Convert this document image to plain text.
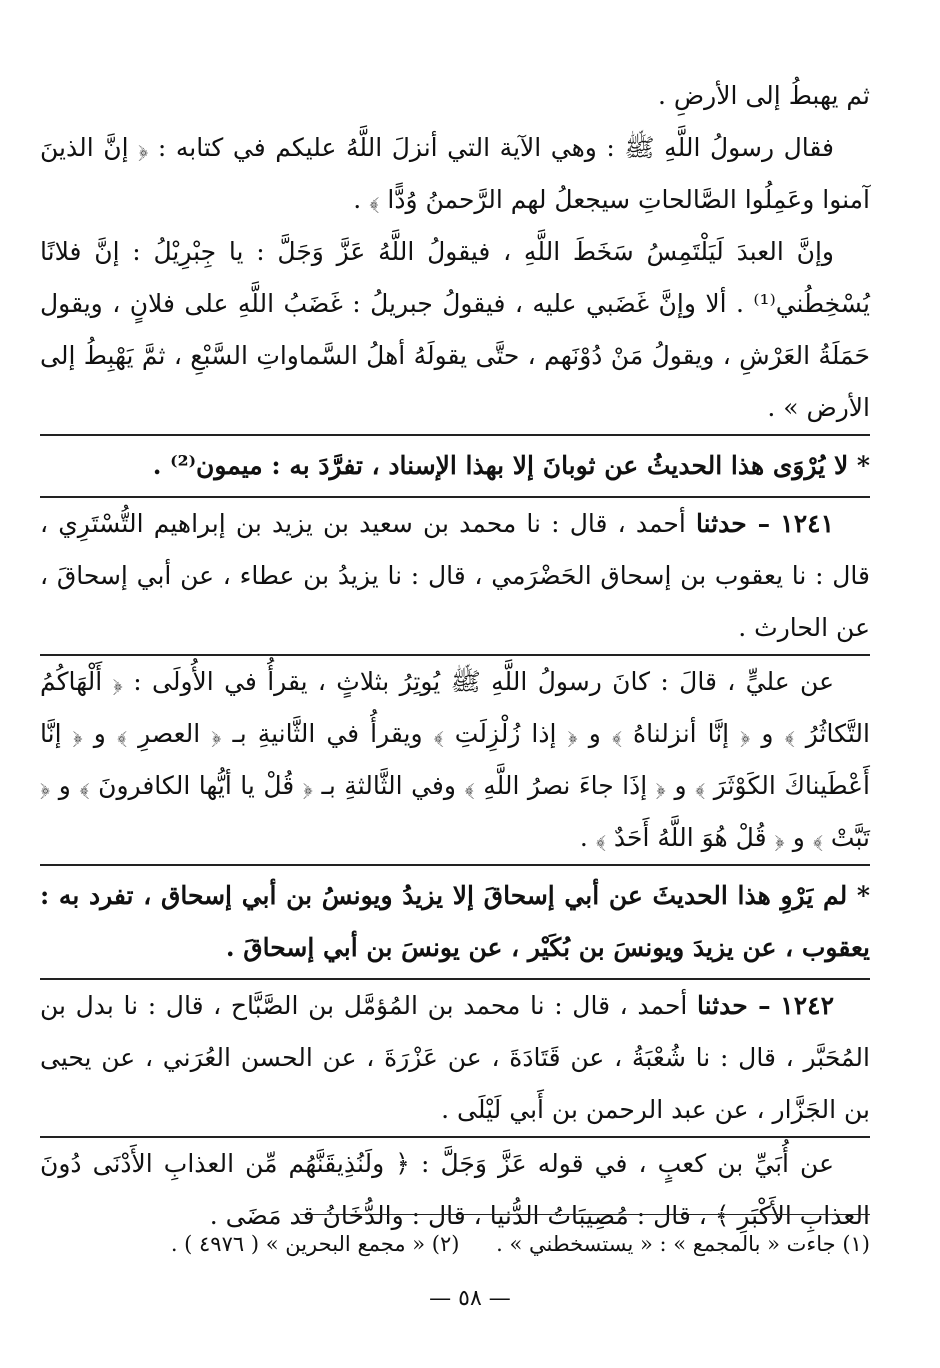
ثم يهبطُ إلى الأرضِ .

فقال رسولُ اللَّهِ ﷺ : وهي الآية التي أنزلَ اللَّهُ عليكم في كتابه : ﴿ إنَّ الذينَ آمنوا وعَمِلُوا الصَّالحاتِ سيجعلُ لهم الرَّحمنُ وُدًّا ﴾ .

وإنَّ العبدَ لَيَلْتَمِسُ سَخَطَ اللَّهِ ، فيقولُ اللَّهُ عَزَّ وَجَلَّ : يا جِبْرِيْلُ : إنَّ فلانًا يُسْخِطُني⁽¹⁾ . ألا وإنَّ غَضَبي عليه ، فيقولُ جبريلُ : غَضَبُ اللَّهِ على فلانٍ ، ويقول حَمَلَةُ العَرْشِ ، ويقولُ مَنْ دُوْنَهم ، حتَّى يقولَهُ أهلُ السَّماواتِ السَّبْعِ ، ثمَّ يَهْبِطُ إلى الأرض » .

* لا يُرْوَى هذا الحديثُ عن ثوبانَ إلا بهذا الإسناد ، تفرَّدَ به : ميمون⁽²⁾ .

١٢٤١ – حدثنا أحمد ، قال : نا محمد بن سعيد بن يزيد بن إبراهيم التُّسْتَرِي ، قال : نا يعقوب بن إسحاق الحَضْرَمي ، قال : نا يزيدُ بن عطاء ، عن أبي إسحاقَ ، عن الحارث .

عن عليٍّ ، قالَ : كانَ رسولُ اللَّهِ ﷺ يُوتِرُ بثلاثٍ ، يقرأُ في الأُولَى : ﴿ أَلْهَاكُمُ التَّكاثُرُ ﴾ و ﴿ إنَّا أنزلناهُ ﴾ و ﴿ إذا زُلْزِلَتِ ﴾ ويقرأُ في الثَّانيةِ بـ ﴿ العصرِ ﴾ و ﴿ إنَّا أَعْطَيناكَ الكَوْثَرَ ﴾ و ﴿ إذَا جاءَ نصرُ اللَّهِ ﴾ وفي الثَّالثةِ بـ ﴿ قُلْ يا أيُّها الكافرونَ ﴾ و ﴿ تَبَّتْ ﴾ و ﴿ قُلْ هُوَ اللَّهُ أَحَدٌ ﴾ .

* لم يَرْوِ هذا الحديثَ عن أبي إسحاقَ إلا يزيدُ ويونسُ بن أبي إسحاق ، تفرد به : يعقوب ، عن يزيدَ ويونسَ بن بُكَيْر ، عن يونسَ بن أبي إسحاقَ .

١٢٤٢ – حدثنا أحمد ، قال : نا محمد بن المُؤمَّل بن الصَّبَّاح ، قال : نا بدل بن المُحَبَّر ، قال : نا شُعْبَةُ ، عن قَتَادَةَ ، عن عَزْرَةَ ، عن الحسن العُرَني ، عن يحيى بن الجَزَّار ، عن عبد الرحمن بن أَبي لَيْلَى .

عن أُبَيِّ بن كعبٍ ، في قوله عَزَّ وَجَلَّ : ﴿ ولَنُذِيقَنَّهُم مِّن العذابِ الأَدْنَى دُونَ العذابِ الأَكْبَرِ ﴾ ، قال : مُصِيبَاتُ الدُّنيا ، قال : والدُّخَانُ قد مَضَى .

(١) جاءت « بالمجمع » : « يستسخطني » . (٢) « مجمع البحرين » ( ٤٩٧٦ ) .
— ٥٨ —
